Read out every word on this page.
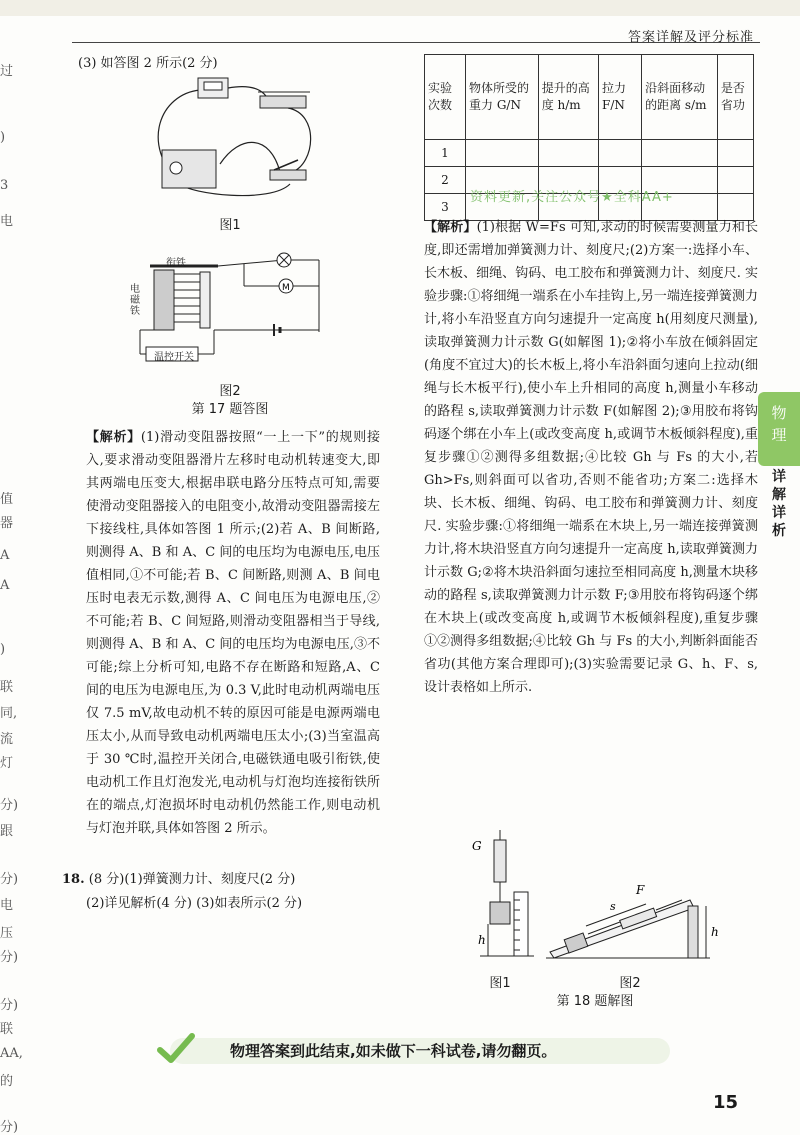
答案详解及评分标准
过
)
3
电
值
器
A
A
)
联
同,
流
灯
分)
跟
分)
电
压
分)
分)
联
AA,
的
分)
物
理
详解详析

(3) 如答图 2 所示(2 分)

图1
M
衔铁
电磁铁
温控开关
图2
第 17 题答图

【解析】(1)滑动变阻器按照“一上一下”的规则接入,要求滑动变阻器滑片左移时电动机转速变大,即其两端电压变大,根据串联电路分压特点可知,需要使滑动变阻器接入的电阻变小,故滑动变阻器需接左下接线柱,具体如答图 1 所示;(2)若 A、B 间断路,则测得 A、B 和 A、C 间的电压均为电源电压,电压值相同,①不可能;若 B、C 间断路,则测 A、B 间电压时电表无示数,测得 A、C 间电压为电源电压,②不可能;若 B、C 间短路,则滑动变阻器相当于导线,则测得 A、B 和 A、C 间的电压均为电源电压,③不可能;综上分析可知,电路不存在断路和短路,A、C 间的电压为电源电压,为 0.3 V,此时电动机两端电压仅 7.5 mV,故电动机不转的原因可能是电源两端电压太小,从而导致电动机两端电压太小;(3)当室温高于 30 ℃时,温控开关闭合,电磁铁通电吸引衔铁,使电动机工作且灯泡发光,电动机与灯泡均连接衔铁所在的端点,灯泡损坏时电动机仍然能工作,则电动机与灯泡并联,具体如答图 2 所示。

18. (8 分)(1)弹簧测力计、刻度尺(2 分)
(2)详见解析(4 分) (3)如表所示(2 分)
实验次数	物体所受的重力 G/N	提升的高度 h/m	拉力 F/N	沿斜面移动的距离 s/m	是否省功
1					
2					
3					
资料更新,关注公众号★全科AA+

【解析】(1)根据 W=Fs 可知,求动的时候需要测量力和长度,即还需增加弹簧测力计、刻度尺;(2)方案一:选择小车、长木板、细绳、钩码、电工胶布和弹簧测力计、刻度尺. 实验步骤:①将细绳一端系在小车挂钩上,另一端连接弹簧测力计,将小车沿竖直方向匀速提升一定高度 h(用刻度尺测量),读取弹簧测力计示数 G(如解图 1);②将小车放在倾斜固定(角度不宜过大)的长木板上,将小车沿斜面匀速向上拉动(细绳与长木板平行),使小车上升相同的高度 h,测量小车移动的路程 s,读取弹簧测力计示数 F(如解图 2);③用胶布将钩码逐个绑在小车上(或改变高度 h,或调节木板倾斜程度),重复步骤①②测得多组数据;④比较 Gh 与 Fs 的大小,若 Gh>Fs,则斜面可以省功,否则不能省功;方案二:选择木块、长木板、细绳、钩码、电工胶布和弹簧测力计、刻度尺. 实验步骤:①将细绳一端系在木块上,另一端连接弹簧测力计,将木块沿竖直方向匀速提升一定高度 h,读取弹簧测力计示数 G;②将木块沿斜面匀速拉至相同高度 h,测量木块移动的路程 s,读取弹簧测力计示数 F;③用胶布将钩码逐个绑在木块上(或改变高度 h,或调节木板倾斜程度),重复步骤①②测得多组数据;④比较 Gh 与 Fs 的大小,判断斜面能否省功(其他方案合理即可);(3)实验需要记录 G、h、F、s,设计表格如上所示.

G
h
F
s
h
图1	图2
第 18 题解图
物理答案到此结束,如未做下一科试卷,请勿翻页。
15
